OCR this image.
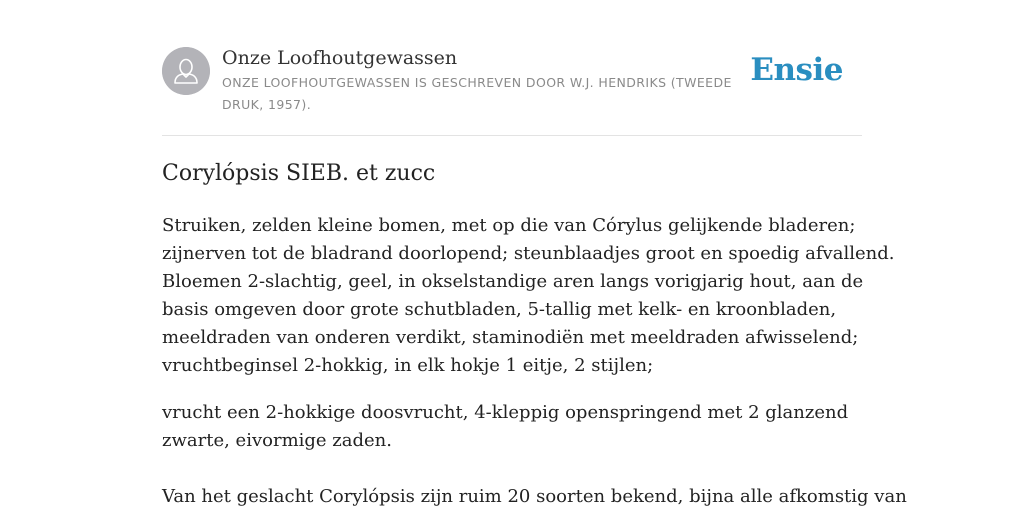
Onze Loofhoutgewassen
ONZE LOOFHOUTGEWASSEN IS GESCHREVEN DOOR W.J. HENDRIKS (TWEEDE DRUK, 1957).
Ensie
Corylópsis SIEB. et zucc
Struiken, zelden kleine bomen, met op die van Córylus gelijkende bladeren;
zijnerven tot de bladrand doorlopend; steunblaadjes groot en spoedig afvallend.
Bloemen 2-slachtig, geel, in okselstandige aren langs vorigjarig hout, aan de
basis omgeven door grote schutbladen, 5-tallig met kelk- en kroonbladen,
meeldraden van onderen verdikt, staminodiën met meeldraden afwisselend;
vruchtbeginsel 2-hokkig, in elk hokje 1 eitje, 2 stijlen;
vrucht een 2-hokkige doosvrucht, 4-kleppig openspringend met 2 glanzend
zwarte, eivormige zaden.
Van het geslacht Corylópsis zijn ruim 20 soorten bekend, bijna alle afkomstig van
